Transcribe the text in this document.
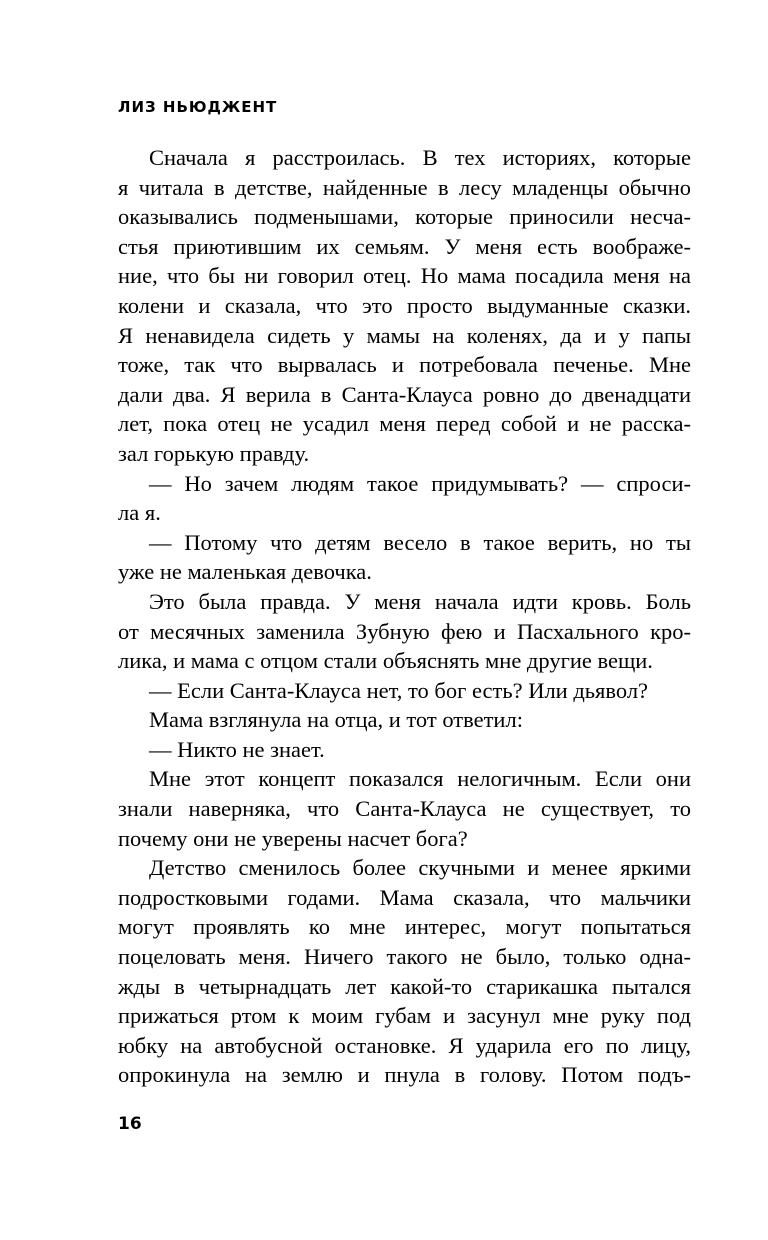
ЛИЗ НЬЮДЖЕНТ
Сначала я расстроилась. В тех историях, которые
я читала в детстве, найденные в лесу младенцы обычно
оказывались подменышами, которые приносили несча-
стья приютившим их семьям. У меня есть воображе-
ние, что бы ни говорил отец. Но мама посадила меня на
колени и сказала, что это просто выдуманные сказки.
Я ненавидела сидеть у мамы на коленях, да и у папы
тоже, так что вырвалась и потребовала печенье. Мне
дали два. Я верила в Санта-Клауса ровно до двенадцати
лет, пока отец не усадил меня перед собой и не расска-
зал горькую правду.
— Но зачем людям такое придумывать? — спроси-
ла я.
— Потому что детям весело в такое верить, но ты
уже не маленькая девочка.
Это была правда. У меня начала идти кровь. Боль
от месячных заменила Зубную фею и Пасхального кро-
лика, и мама с отцом стали объяснять мне другие вещи.
— Если Санта-Клауса нет, то бог есть? Или дьявол?
Мама взглянула на отца, и тот ответил:
— Никто не знает.
Мне этот концепт показался нелогичным. Если они
знали наверняка, что Санта-Клауса не существует, то
почему они не уверены насчет бога?
Детство сменилось более скучными и менее яркими
подростковыми годами. Мама сказала, что мальчики
могут проявлять ко мне интерес, могут попытаться
поцеловать меня. Ничего такого не было, только одна-
жды в четырнадцать лет какой-то старикашка пытался
прижаться ртом к моим губам и засунул мне руку под
юбку на автобусной остановке. Я ударила его по лицу,
опрокинула на землю и пнула в голову. Потом подъ-
16
